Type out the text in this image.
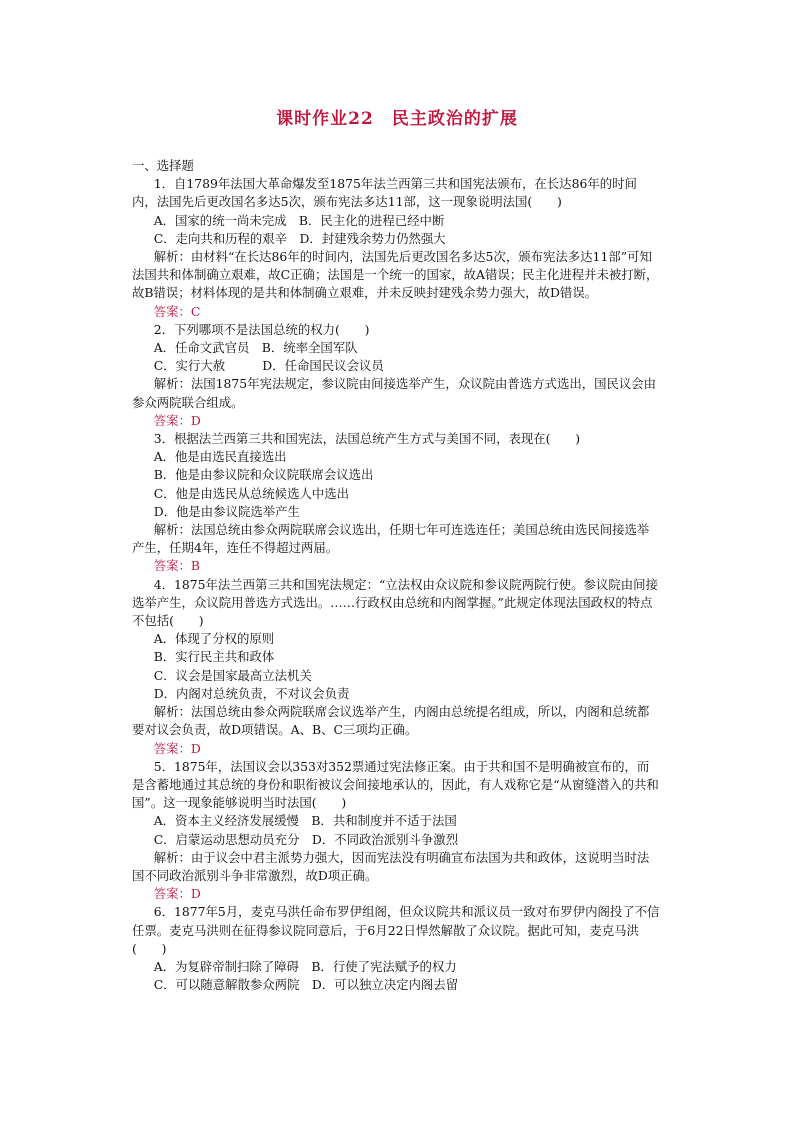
课时作业22　民主政治的扩展

一、选择题

1．自1789年法国大革命爆发至1875年法兰西第三共和国宪法颁布，在长达86年的时间内，法国先后更改国名多达5次，颁布宪法多达11部，这一现象说明法国(　　)

A．国家的统一尚未完成　B．民主化的进程已经中断

C．走向共和历程的艰辛　D．封建残余势力仍然强大

解析：由材料“在长达86年的时间内，法国先后更改国名多达5次，颁布宪法多达11部”可知法国共和体制确立艰难，故C正确；法国是一个统一的国家，故A错误；民主化进程并未被打断，故B错误；材料体现的是共和体制确立艰难，并未反映封建残余势力强大，故D错误。

答案：C

2．下列哪项不是法国总统的权力(　　)

A．任命文武官员　B．统率全国军队

C．实行大赦　　　D．任命国民议会议员

解析：法国1875年宪法规定，参议院由间接选举产生，众议院由普选方式选出，国民议会由参众两院联合组成。

答案：D

3．根据法兰西第三共和国宪法，法国总统产生方式与美国不同，表现在(　　)

A．他是由选民直接选出

B．他是由参议院和众议院联席会议选出

C．他是由选民从总统候选人中选出

D．他是由参议院选举产生

解析：法国总统由参众两院联席会议选出，任期七年可连选连任；美国总统由选民间接选举产生，任期4年，连任不得超过两届。

答案：B

4．1875年法兰西第三共和国宪法规定：“立法权由众议院和参议院两院行使。参议院由间接选举产生，众议院用普选方式选出。……行政权由总统和内阁掌握。”此规定体现法国政权的特点不包括(　　)

A．体现了分权的原则

B．实行民主共和政体

C．议会是国家最高立法机关

D．内阁对总统负责，不对议会负责

解析：法国总统由参众两院联席会议选举产生，内阁由总统提名组成，所以，内阁和总统都要对议会负责，故D项错误。A、B、C三项均正确。

答案：D

5．1875年，法国议会以353对352票通过宪法修正案。由于共和国不是明确被宣布的，而是含蓄地通过其总统的身份和职衔被议会间接地承认的，因此，有人戏称它是“从窗缝潜入的共和国”。这一现象能够说明当时法国(　　)

A．资本主义经济发展缓慢　B．共和制度并不适于法国

C．启蒙运动思想动员充分　D．不同政治派别斗争激烈

解析：由于议会中君主派势力强大，因而宪法没有明确宣布法国为共和政体，这说明当时法国不同政治派别斗争非常激烈，故D项正确。

答案：D

6．1877年5月，麦克马洪任命布罗伊组阁，但众议院共和派议员一致对布罗伊内阁投了不信任票。麦克马洪则在征得参议院同意后，于6月22日悍然解散了众议院。据此可知，麦克马洪(　　)

A．为复辟帝制扫除了障碍　B．行使了宪法赋予的权力

C．可以随意解散参众两院　D．可以独立决定内阁去留
